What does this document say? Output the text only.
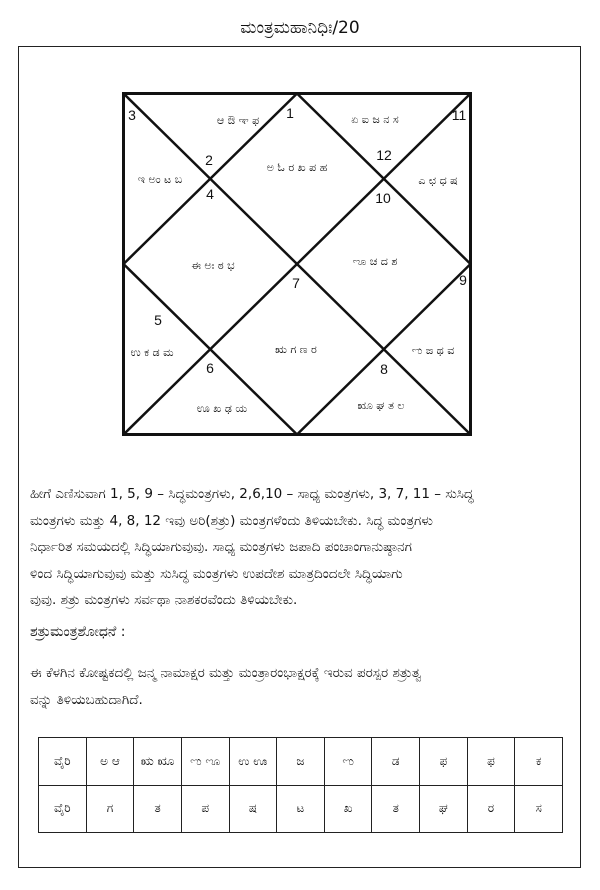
ಮಂತ್ರಮಹಾನಿಧಿಃ/20
1
ಅ ಓ ರ ಖ ಪ ಹ
2
ಆ ಔ ಞ ಫ
3
ಇ ಅಂ ಟ ಬ
4
ಈ ಅಃ ಠ ಭ
5
ಉ ಕ ಡ ಮ
6
ಊ ಖ ಢ ಯ
7
ಋ ಗ ಣ ರ
8
ೠ ಘ ತ ಲ
9
ಌ ಙ ಥ ವ
10
ೡ ಚ ದ ಶ
11
ಏ ಐ ಜ ನ ಸ
12
ಎ ಛ ಧ ಷ
ಹೀಗೆ ಎಣಿಸುವಾಗ 1, 5, 9 – ಸಿದ್ಧಮಂತ್ರಗಳು, 2,6,10 – ಸಾಧ್ಯ ಮಂತ್ರಗಳು, 3, 7, 11 – ಸುಸಿದ್ಧ
ಮಂತ್ರಗಳು ಮತ್ತು 4, 8, 12 ಇವು ಅರಿ(ಶತ್ರು) ಮಂತ್ರಗಳೆಂದು ತಿಳಿಯಬೇಕು. ಸಿದ್ಧ ಮಂತ್ರಗಳು
ನಿರ್ಧಾರಿತ ಸಮಯದಲ್ಲಿ ಸಿದ್ಧಿಯಾಗುವುವು. ಸಾಧ್ಯ ಮಂತ್ರಗಳು ಜಪಾದಿ ಪಂಚಾಂಗಾನುಷ್ಠಾನಗ
ಳಿಂದ ಸಿದ್ಧಿಯಾಗುವುವು ಮತ್ತು ಸುಸಿದ್ಧ ಮಂತ್ರಗಳು ಉಪದೇಶ ಮಾತ್ರದಿಂದಲೇ ಸಿದ್ಧಿಯಾಗು
ವುವು. ಶತ್ರು ಮಂತ್ರಗಳು ಸರ್ವಥಾ ನಾಶಕರವೆಂದು ತಿಳಿಯಬೇಕು.
ಶತ್ರುಮಂತ್ರಶೋಧನೆ :
ಈ ಕೆಳಗಿನ ಕೋಷ್ಟಕದಲ್ಲಿ ಜನ್ಮ ನಾಮಾಕ್ಷರ ಮತ್ತು ಮಂತ್ರಾರಂಭಾಕ್ಷರಕ್ಕೆ ಇರುವ ಪರಸ್ಪರ ಶತ್ರುತ್ವ
ವನ್ನು ತಿಳಿಯಬಹುದಾಗಿದೆ.
ವೈರಿ	ಅ ಆ	ಋ ೠ	ಌ ೡ	ಉ ಊ	ಜ	ಌ	ಡ	ಫ	ಫ	ಕ
ವೈರಿ	ಗ	ತ	ಪ	ಷ	ಟ	ಖ	ತ	ಘ	ರ	ಸ
